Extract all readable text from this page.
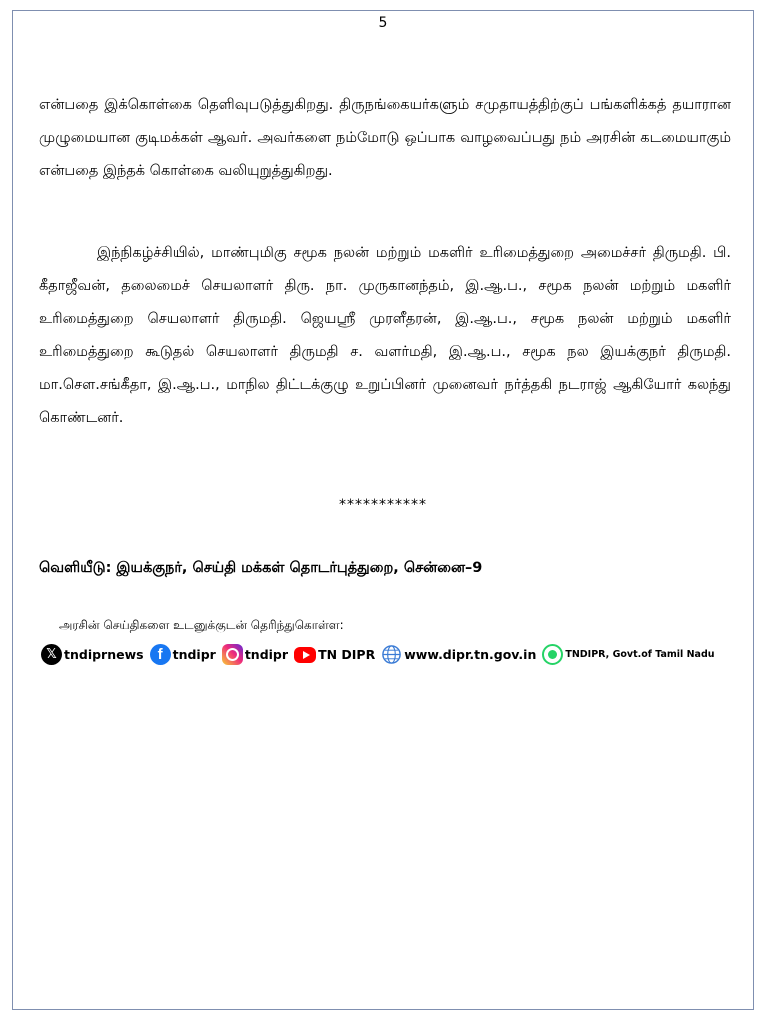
5

என்பதை இக்கொள்கை தெளிவுபடுத்துகிறது. திருநங்கையர்களும் சமுதாயத்திற்குப் பங்களிக்கத் தயாரான முழுமையான குடிமக்கள் ஆவர். அவர்களை நம்மோடு ஒப்பாக வாழவைப்பது நம் அரசின் கடமையாகும் என்பதை இந்தக் கொள்கை வலியுறுத்துகிறது.

இந்நிகழ்ச்சியில், மாண்புமிகு சமூக நலன் மற்றும் மகளிர் உரிமைத்துறை அமைச்சர் திருமதி. பி. கீதாஜீவன், தலைமைச் செயலாளர் திரு. நா. முருகானந்தம், இ.ஆ.ப., சமூக நலன் மற்றும் மகளிர் உரிமைத்துறை செயலாளர் திருமதி. ஜெயஸ்ரீ முரளீதரன், இ.ஆ.ப., சமூக நலன் மற்றும் மகளிர் உரிமைத்துறை கூடுதல் செயலாளர் திருமதி ச. வளர்மதி, இ.ஆ.ப., சமூக நல இயக்குநர் திருமதி. மா.சௌ.சங்கீதா, இ.ஆ.ப., மாநில திட்டக்குழு உறுப்பினர் முனைவர் நர்த்தகி நடராஜ் ஆகியோர் கலந்து கொண்டனர்.

***********
வெளியீடு: இயக்குநர், செய்தி மக்கள் தொடர்புத்துறை, சென்னை–9
அரசின் செய்திகளை உடனுக்குடன் தெரிந்துகொள்ள:
𝕏 tndiprnews f tndipr tndipr TN DIPR www.dipr.tn.gov.in	TNDIPR, Govt.of Tamil Nadu
